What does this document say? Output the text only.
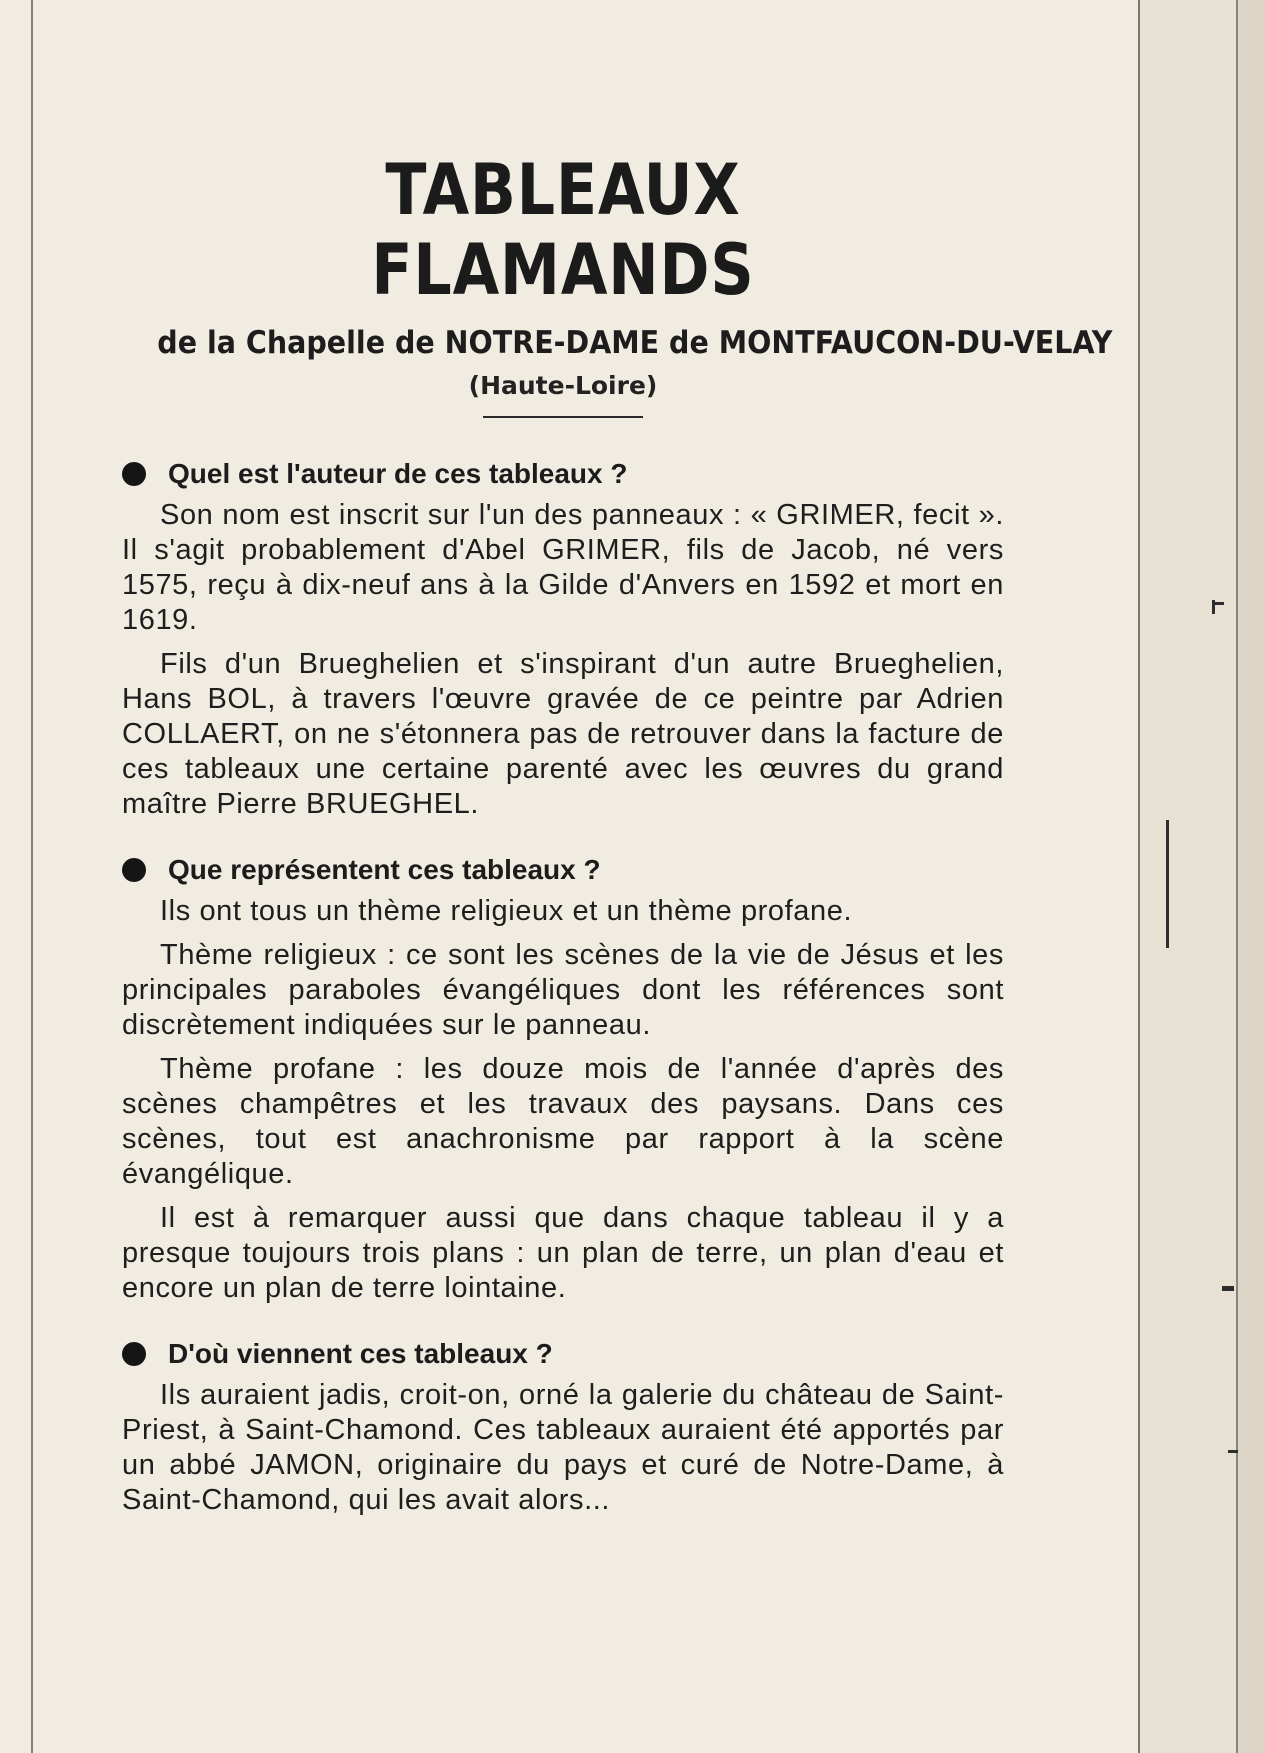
TABLEAUX FLAMANDS
de la Chapelle de NOTRE-DAME de MONTFAUCON-DU-VELAY
(Haute-Loire)
Quel est l'auteur de ces tableaux ?

Son nom est inscrit sur l'un des panneaux : « GRIMER, fecit ». Il s'agit probablement d'Abel GRIMER, fils de Jacob, né vers 1575, reçu à dix-neuf ans à la Gilde d'Anvers en 1592 et mort en 1619.

Fils d'un Brueghelien et s'inspirant d'un autre Brueghelien, Hans BOL, à travers l'œuvre gravée de ce peintre par Adrien COLLAERT, on ne s'étonnera pas de retrouver dans la facture de ces tableaux une certaine parenté avec les œuvres du grand maître Pierre BRUEGHEL.

Que représentent ces tableaux ?

Ils ont tous un thème religieux et un thème profane.

Thème religieux : ce sont les scènes de la vie de Jésus et les principales paraboles évangéliques dont les références sont discrètement indiquées sur le panneau.

Thème profane : les douze mois de l'année d'après des scènes champêtres et les travaux des paysans. Dans ces scènes, tout est anachronisme par rapport à la scène évangélique.

Il est à remarquer aussi que dans chaque tableau il y a presque toujours trois plans : un plan de terre, un plan d'eau et encore un plan de terre lointaine.

D'où viennent ces tableaux ?

Ils auraient jadis, croit-on, orné la galerie du château de Saint-Priest, à Saint-Chamond. Ces tableaux auraient été apportés par un abbé JAMON, originaire du pays et curé de Notre-Dame, à Saint-Chamond, qui les avait alors...
